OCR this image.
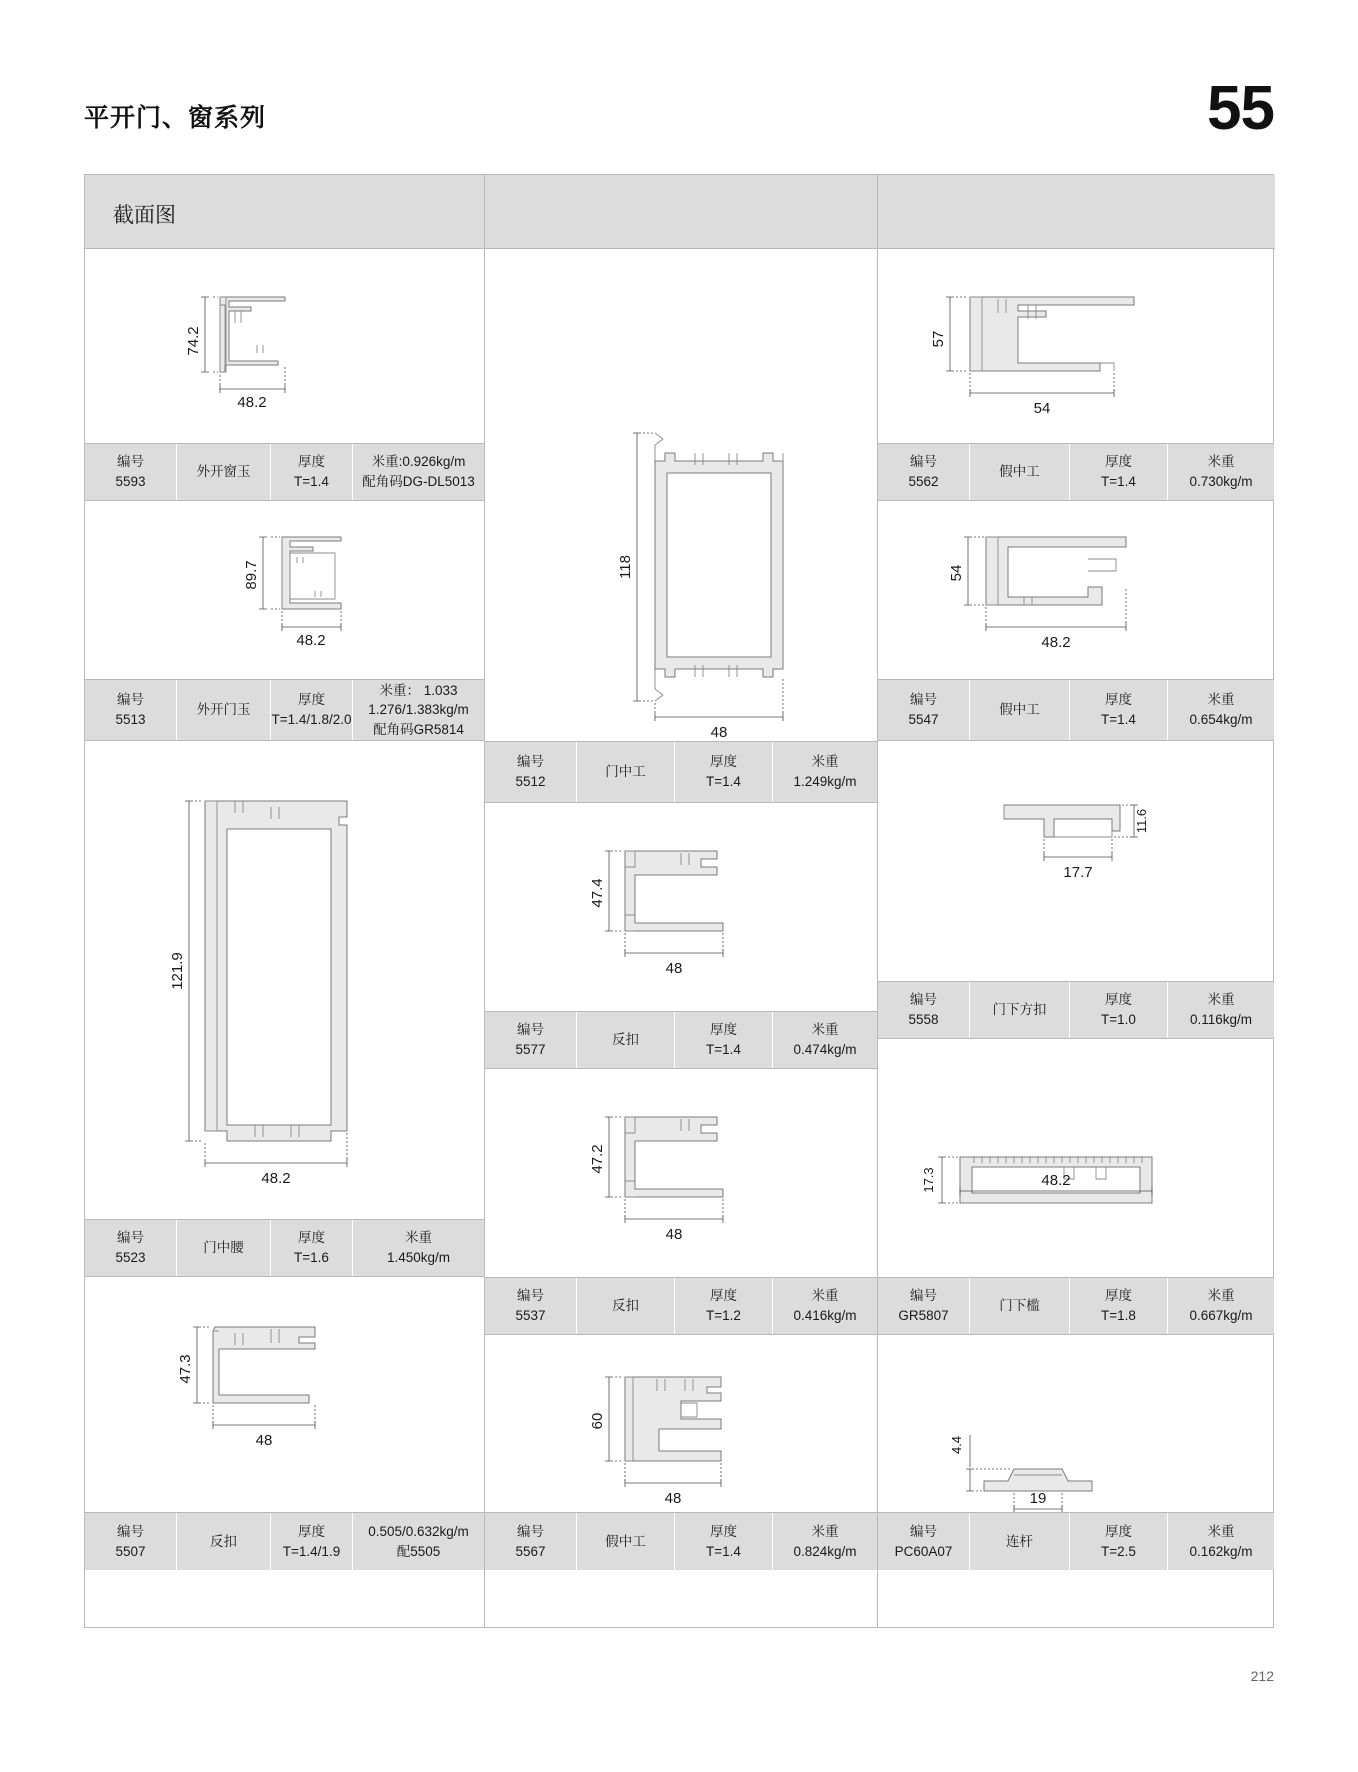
平开门、窗系列	55
截面图
74.2
48.2
编号
5593
外开窗玉
厚度
T=1.4
米重:0.926kg/m
配角码DG-DL5013
89.7
48.2
编号
5513
外开门玉
厚度
T=1.4/1.8/2.0
米重： 1.033
1.276/1.383kg/m
配角码GR5814
121.9
48.2
编号
5523
门中腰
厚度
T=1.6
米重
1.450kg/m
47.3
48
编号
5507
反扣
厚度
T=1.4/1.9
0.505/0.632kg/m
配5505
118
48
编号
5512
门中工
厚度
T=1.4
米重
1.249kg/m
47.4
48
编号
5577
反扣
厚度
T=1.4
米重
0.474kg/m
47.2
48
编号
5537
反扣
厚度
T=1.2
米重
0.416kg/m
60
48
编号
5567
假中工
厚度
T=1.4
米重
0.824kg/m
57
54
编号
5562
假中工
厚度
T=1.4
米重
0.730kg/m
54
48.2
编号
5547
假中工
厚度
T=1.4
米重
0.654kg/m
11.6
17.7
编号
5558
门下方扣
厚度
T=1.0
米重
0.116kg/m
17.3	48.2
编号
GR5807
门下槛
厚度
T=1.8
米重
0.667kg/m
4.4
19
编号
PC60A07
连杆
厚度
T=2.5
米重
0.162kg/m
212
